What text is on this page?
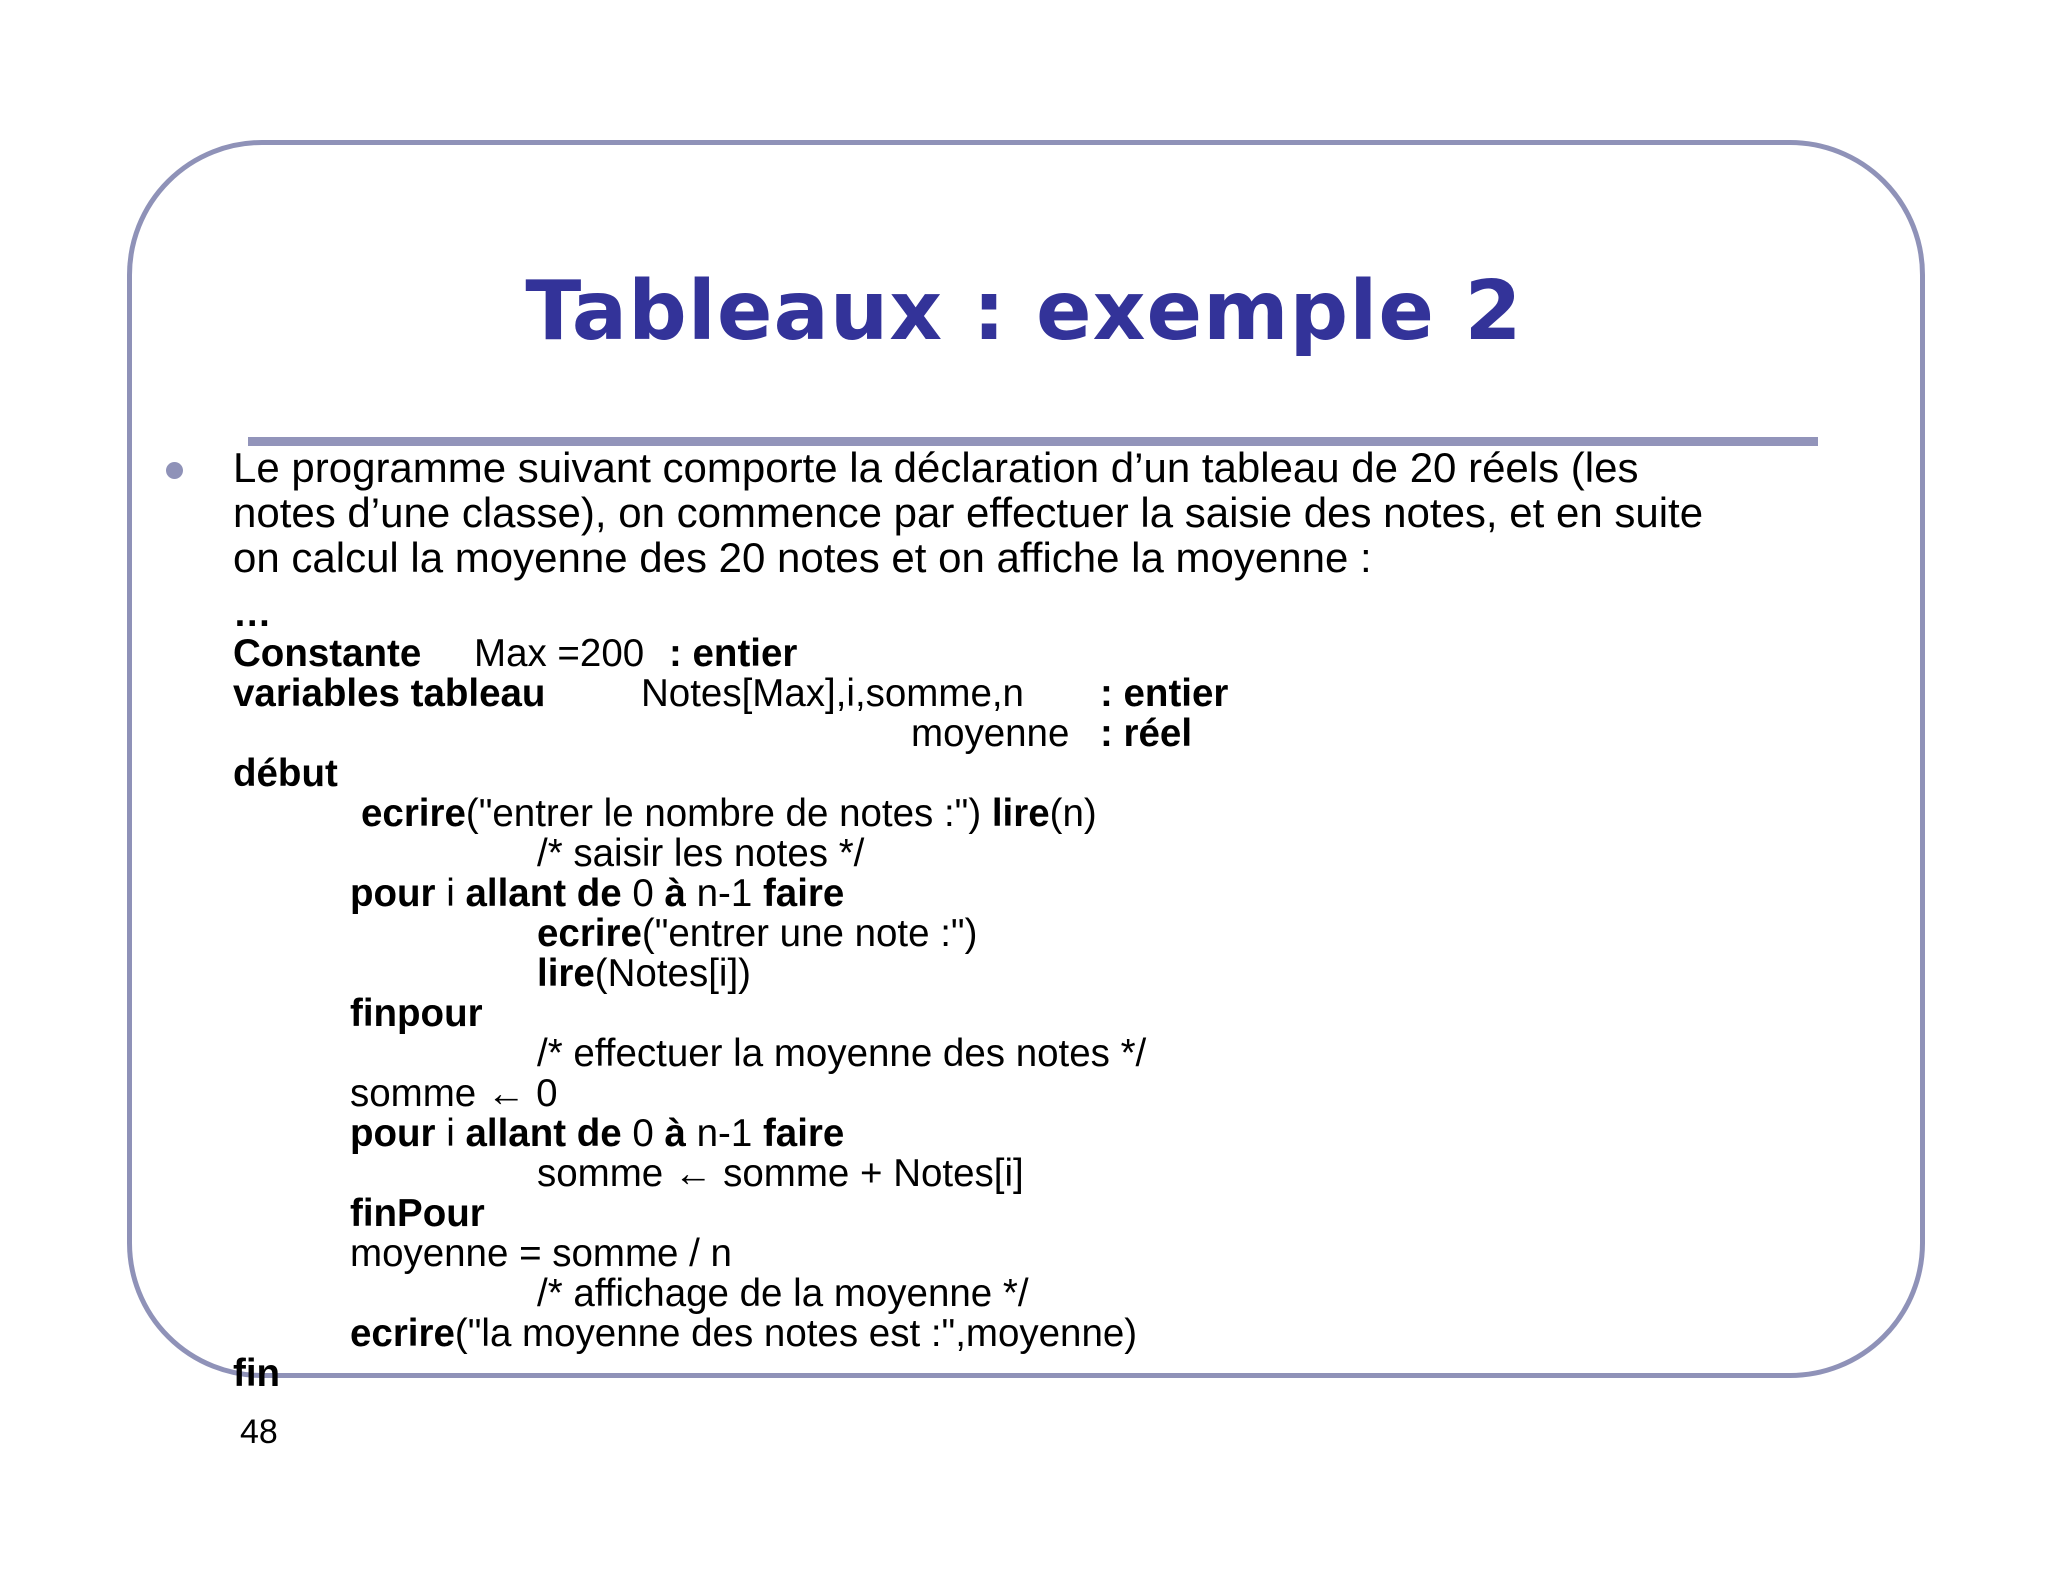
Tableaux : exemple 2

Le programme suivant comporte la déclaration d’un tableau de 20 réels (les
notes d’une classe), on commence par effectuer la saisie des notes, et en suite
on calcul la moyenne des 20 notes et on affiche la moyenne :

…
Constante Max =200 : entier
variables tableau Notes[Max],i,somme,n : entier
moyenne : réel
début
ecrire("entrer le nombre de notes :") lire(n)
/* saisir les notes */
pour i allant de 0 à n-1 faire
ecrire("entrer une note :")
lire(Notes[i])
finpour
/* effectuer la moyenne des notes */
somme ← 0
pour i allant de 0 à n-1 faire
somme ← somme + Notes[i]
finPour
moyenne = somme / n
/* affichage de la moyenne */
ecrire("la moyenne des notes est :",moyenne)
fin
48
